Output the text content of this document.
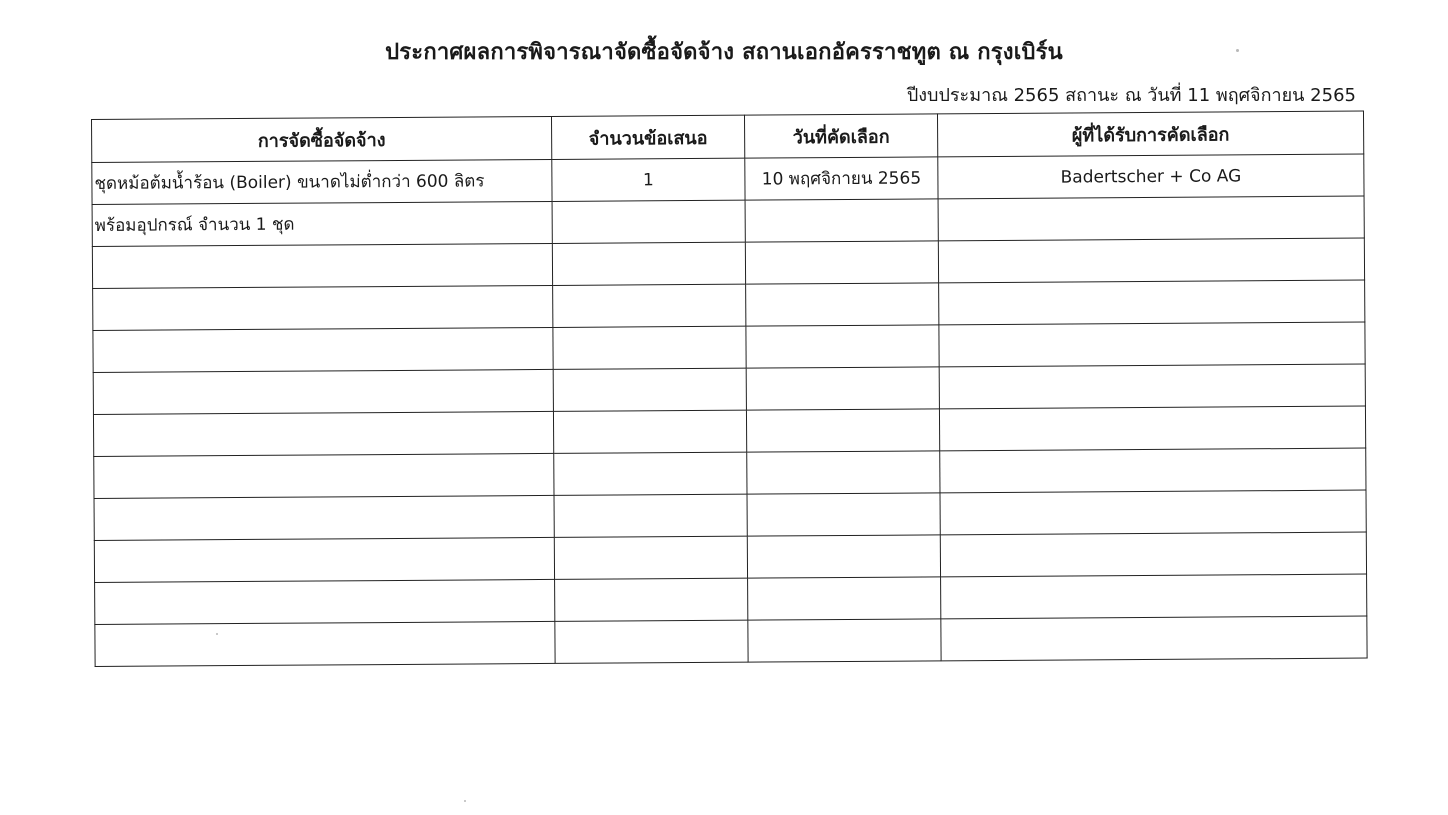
ประกาศผลการพิจารณาจัดซื้อจัดจ้าง สถานเอกอัครราชทูต ณ กรุงเบิร์น
ปีงบประมาณ 2565 สถานะ ณ วันที่ 11 พฤศจิกายน 2565
การจัดซื้อจัดจ้าง	จำนวนข้อเสนอ	วันที่คัดเลือก	ผู้ที่ได้รับการคัดเลือก
ชุดหม้อต้มน้ำร้อน (Boiler) ขนาดไม่ต่ำกว่า 600 ลิตร	1	10 พฤศจิกายน 2565	Badertscher + Co AG
พร้อมอุปกรณ์ จำนวน 1 ชุด			
